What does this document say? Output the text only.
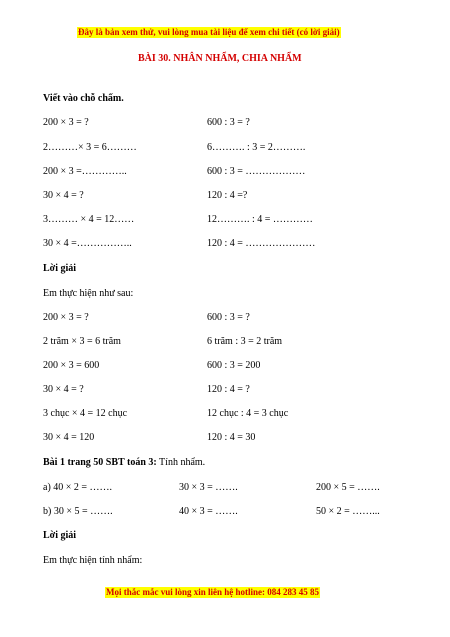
Đây là bản xem thử, vui lòng mua tài liệu để xem chi tiết (có lời giải)
BÀI 30. NHÂN NHẨM, CHIA NHẨM
Viết vào chỗ chấm.
200 × 3 = ?	600 : 3 = ?
2………× 3 = 6………	6………. : 3 = 2……….
200 × 3 =…………..	600 : 3 = ………………
30 × 4 = ?	120 : 4 =?
3……… × 4 = 12……	12………. : 4 = …………
30 × 4 =……………..	120 : 4 = …………………
Lời giải
Em thực hiện như sau:
200 × 3 = ?	600 : 3 = ?
2 trăm × 3 = 6 trăm	6 trăm : 3 = 2 trăm
200 × 3 = 600	600 : 3 = 200
30 × 4 = ?	120 : 4 = ?
3 chục × 4 = 12 chục	12 chục : 4 = 3 chục
30 × 4 = 120	120 : 4 = 30
Bài 1 trang 50 SBT toán 3: Tính nhẩm.
a) 40 × 2 = …….	30 × 3 = …….	200 × 5 = …….
b) 30 × 5 = …….	40 × 3 = …….	50 × 2 = ……...
Lời giải
Em thực hiện tính nhẩm:
Mọi thắc mắc vui lòng xin liên hệ hotline: 084 283 45 85
